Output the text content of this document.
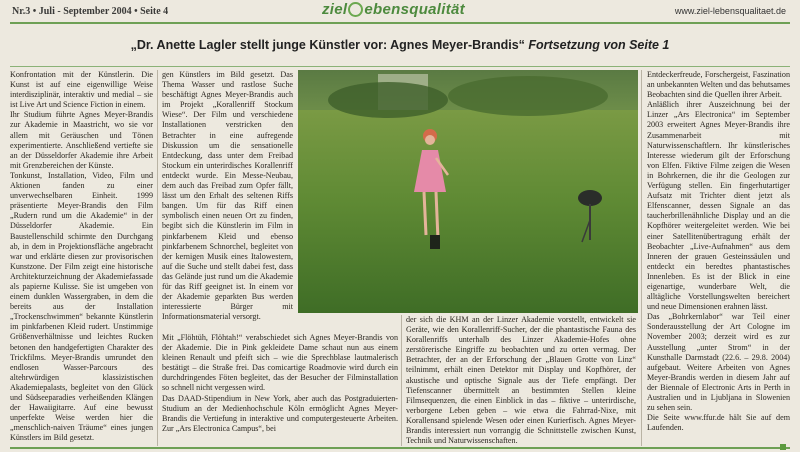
Nr.3 • Juli - September 2004 • Seite 4	ziel ebensqualität	www.ziel-lebensqualitaet.de
„Dr. Anette Lagler stellt junge Künstler vor: Agnes Meyer-Brandis“ Fortsetzung von Seite 1

Konfrontation mit der Künstlerin. Die Kunst ist auf eine eigenwillige Weise interdisziplinär, interaktiv und medial – sie ist Live Art und Science Fiction in einem.

Ihr Studium führte Agnes Meyer-Brandis zur Akademie in Maastricht, wo sie vor allem mit Geräuschen und Tönen experimentierte. Anschließend vertiefte sie an der Düsseldorfer Akademie ihre Arbeit mit Grenzbereichen der Künste.

Tonkunst, Installation, Video, Film und Aktionen fanden zu einer unverwechselbaren Einheit. 1999 präsentierte Meyer-Brandis den Film „Rudern rund um die Akademie“ in der Düsseldorfer Akademie. Ein Baustellenschild schirmte den Durchgang ab, in dem in Projektionsfläche angebracht war und erklärte diesen zur provisorischen Kunstzone. Der Film zeigt eine historische Architekturzeichnung der Akademiefassade als papierne Kulisse. Sie ist umgeben von einem dunklen Wassergraben, in dem die bereits aus der Installation „Trockenschwimmen“ bekannte Künstlerin im pinkfarbenen Kleid rudert. Unstimmige Größenverhältnisse und leichtes Rucken betonen den handgefertigten Charakter des Trickfilms. Meyer-Brandis umrundet den endlosen Wasser-Parcours des altehrwürdigen klassizistischen Akademiepalasts, begleitet von den Glück und Südseeparadies verheißenden Klängen der Hawaiigitarre. Auf eine bewusst unperfekte Weise werden hier die „menschlich-naiven Träume“ eines jungen Künstlers im Bild gesetzt.

gen Künstlers im Bild gesetzt. Das Thema Wasser und rastlose Suche beschäftigt Agnes Meyer-Brandis auch im Projekt „Korallenriff Stockum Wiese“. Der Film und verschiedene Installationen verstricken den Betrachter in eine aufregende Diskussion um die sensationelle Entdeckung, dass unter dem Freibad Stockum ein unterirdisches Korallenriff entdeckt wurde. Ein Messe-Neubau, dem auch das Freibad zum Opfer fällt, lässt um den Erhalt des seltenen Riffs bangen. Um für das Riff einen symbolisch einen neuen Ort zu finden, begibt sich die Künstlerin im Film in pinkfarbenem Kleid und ebenso pinkfarbenem Schnorchel, begleitet von der kernigen Musik eines Italowestern, auf die Suche und stellt dabei fest, dass das Gelände just rund um die Akademie für das Riff geeignet ist. In einem vor der Akademie geparkten Bus werden interessierte Bürger mit Informationsmaterial versorgt.

Mit „Flöhtüh, Flöhtah!“ verabschiedet sich Agnes Meyer-Brandis von der Akademie. Die in Pink gekleidete Dame schaut nun aus einem kleinen Renault und pfeift sich – wie die Sprechblase lautmalerisch bestätigt – die Straße frei. Das comicartige Roadmovie wird durch ein durchdringendes Föten begleitet, das der Besucher der Filminstallation so schnell nicht vergessen wird.

Das DAAD-Stipendium in New York, aber auch das Postgraduierten-Studium an der Medienhochschule Köln ermöglicht Agnes Meyer-Brandis die Vertiefung in interaktive und computergesteuerte Arbeiten. Zur „Ars Electronica Campus“, bei

der sich die KHM an der Linzer Akademie vorstellt, entwickelt sie Geräte, wie den Korallenriff-Sucher, der die phantastische Fauna des Korallenriffs unterhalb des Linzer Akademie-Hofes ohne zerstörerische Eingriffe zu beobachten und zu orten vermag. Der Betrachter, der an der Erforschung der „Blauen Grotte von Linz“ teilnimmt, erhält einen Detektor mit Display und Kopfhörer, der akustische und optische Signale aus der Tiefe empfängt. Der Tiefenscanner übermittelt an bestimmten Stellen kleine Filmsequenzen, die einen Einblick in das – fiktive – unterirdische, verborgene Leben geben – wie etwa die Fahrrad-Nixe, mit Korallensand spielende Wesen oder einen Kurierfisch. Agnes Meyer-Brandis interessiert nun vorrangig die Schnittstelle zwischen Kunst, Technik und Naturwissenschaften.

Entdeckerfreude, Forschergeist, Faszination an unbekannten Welten und das behutsames Beobachten sind die Quellen ihrer Arbeit.

Anläßlich ihrer Auszeichnung bei der Linzer „Ars Electronica“ im September 2003 erweitert Agnes Meyer-Brandis ihre Zusammenarbeit mit Naturwissenschaftlern. Ihr künstlerisches Interesse wiederum gilt der Erforschung von Elfen. Fiktive Filme zeigen die Wesen in Bohrkernen, die ihr die Geologen zur Verfügung stellen. Ein fingerhutartiger Aufsatz mit Trichter dient jetzt als Elfenscanner, dessen Signale an das taucherbrillenähnliche Display und an die Kopfhörer weitergeleitet werden. Wie bei einer Satellitenübertragung erhält der Beobachter „Live-Aufnahmen“ aus dem Inneren der grauen Gesteinssäulen und entdeckt ein beredtes phantastisches Innenleben. Es ist der Blick in eine eigenartige, wunderbare Welt, die alltägliche Vorstellungswelten bereichert und neue Dimensionen erahnen lässt.

Das „Bohrkernlabor“ war Teil einer Sonderausstellung der Art Cologne im November 2003; derzeit wird es zur Ausstellung „unter Strom“ in der Kunsthalle Darmstadt (22.6. – 29.8. 2004) aufgebaut. Weitere Arbeiten von Agnes Meyer-Brandis werden in diesem Jahr auf der Biennale of Electronic Arts in Perth in Australien und in Ljubljana in Slowenien zu sehen sein.

Die Seite www.ffur.de hält Sie auf dem Laufenden.
